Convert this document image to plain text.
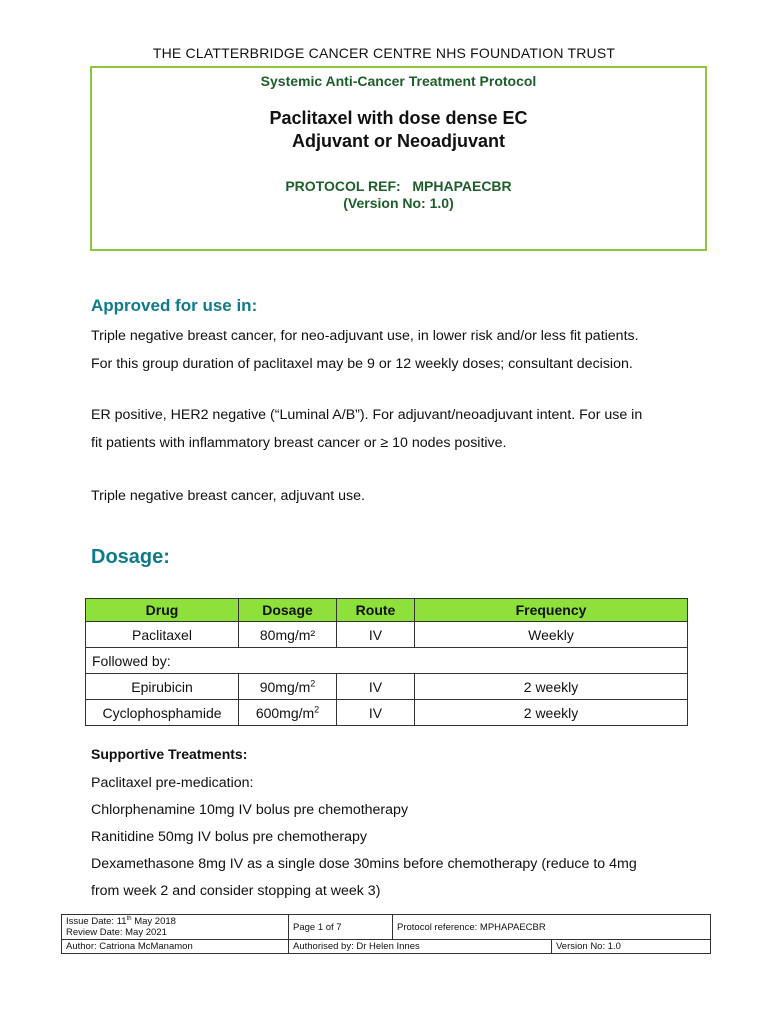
THE CLATTERBRIDGE CANCER CENTRE NHS FOUNDATION TRUST
Systemic Anti-Cancer Treatment Protocol
Paclitaxel with dose dense EC
Adjuvant or Neoadjuvant
PROTOCOL REF:   MPHAPAECBR
(Version No: 1.0)
Approved for use in:
Triple negative breast cancer, for neo-adjuvant use, in lower risk and/or less fit patients.
For this group duration of paclitaxel may be 9 or 12 weekly doses; consultant decision.
ER positive, HER2 negative (“Luminal A/B”). For adjuvant/neoadjuvant intent. For use in
fit patients with inflammatory breast cancer or ≥ 10 nodes positive.
Triple negative breast cancer, adjuvant use.
Dosage:
Drug	Dosage	Route	Frequency
Paclitaxel	80mg/m²	IV	Weekly
Followed by:			
Epirubicin	$90mg/m^2$	IV	2 weekly
Cyclophosphamide	$600mg/m^2$	IV	2 weekly
Supportive Treatments:
Paclitaxel pre-medication:
Chlorphenamine 10mg IV bolus pre chemotherapy
Ranitidine 50mg IV bolus pre chemotherapy
Dexamethasone 8mg IV as a single dose 30mins before chemotherapy (reduce to 4mg
from week 2 and consider stopping at week 3)
Issue Date: 11th May 2018
Review Date: May 2021	Page 1 of 7	Protocol reference: MPHAPAECBR	
Author: Catriona McManamon	Authorised by: Dr Helen Innes		Version No: 1.0
